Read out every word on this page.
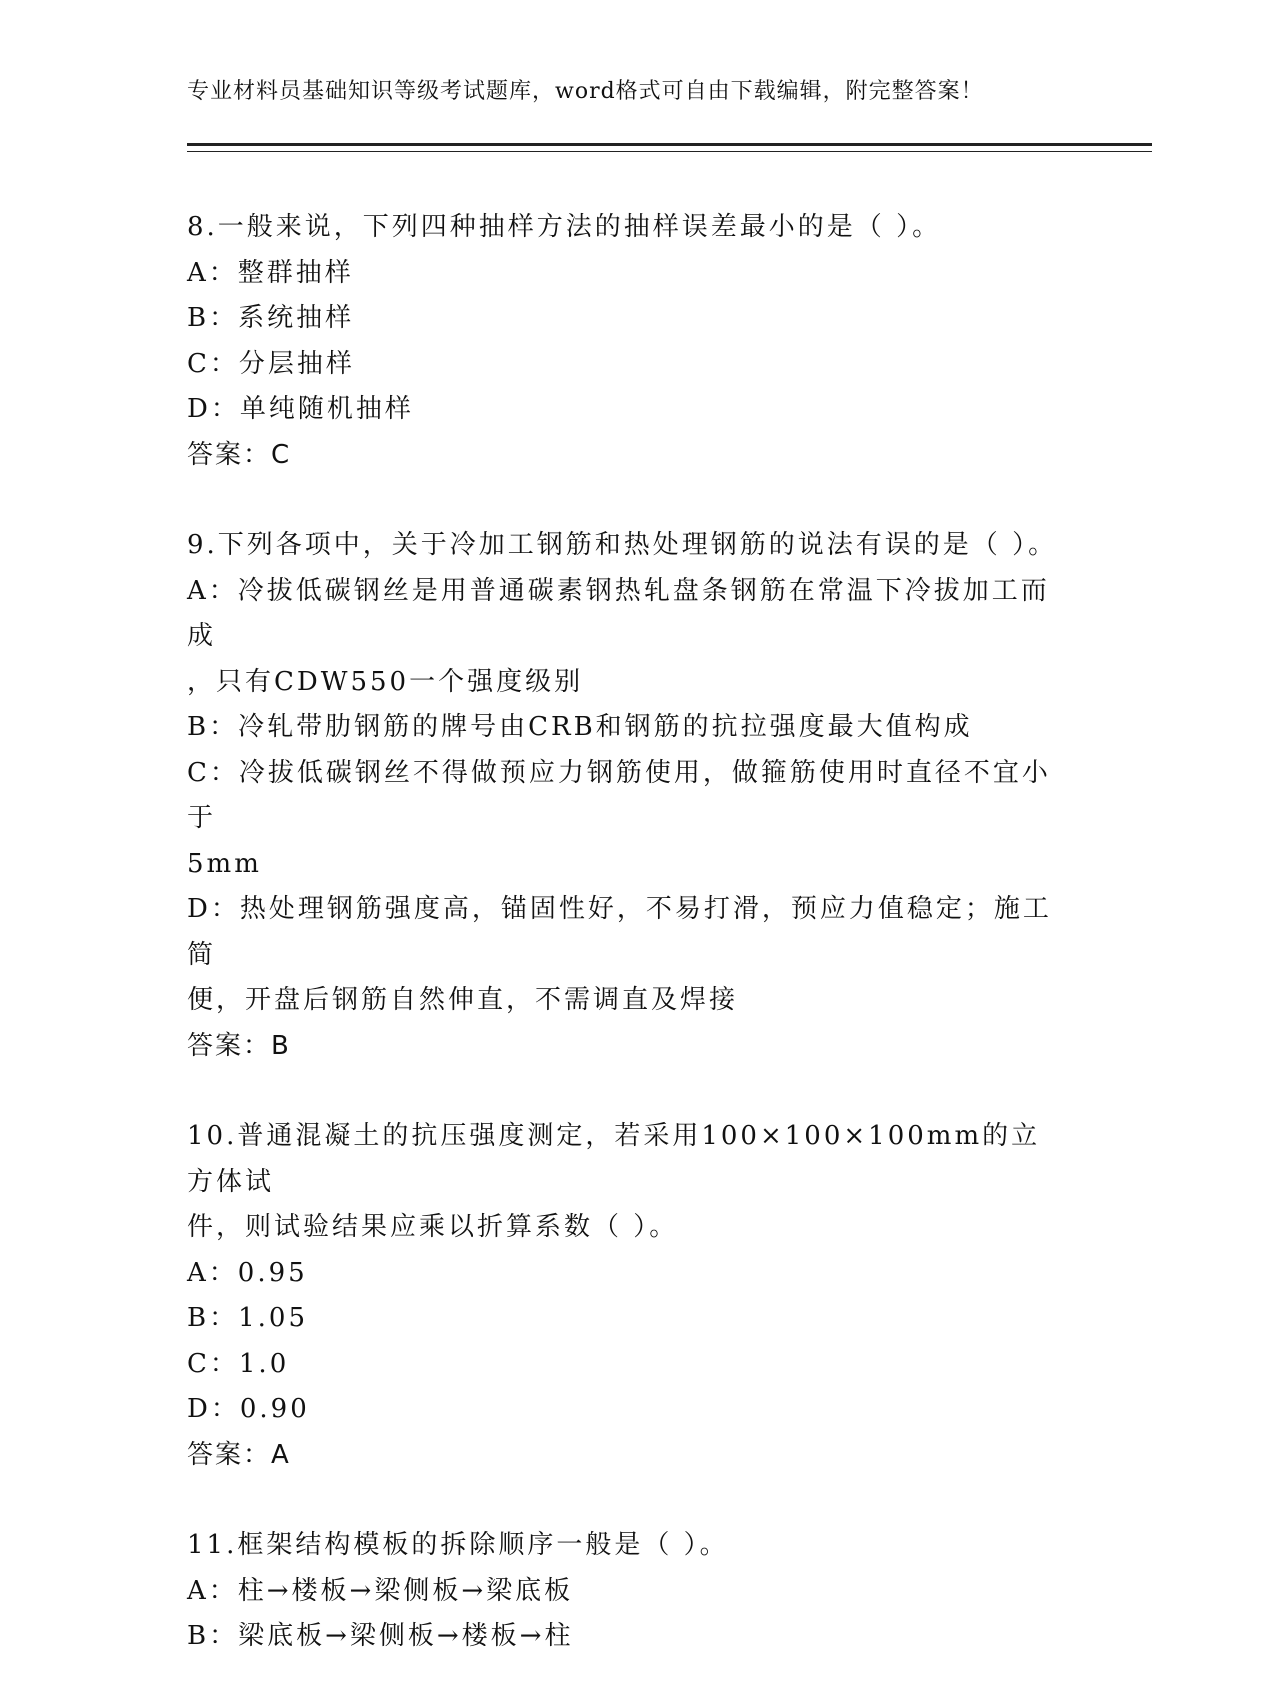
专业材料员基础知识等级考试题库，word格式可自由下载编辑，附完整答案！
8.一般来说，下列四种抽样方法的抽样误差最小的是（ ）。
A：整群抽样
B：系统抽样
C：分层抽样
D：单纯随机抽样
答案：C
9.下列各项中，关于冷加工钢筋和热处理钢筋的说法有误的是（ ）。
A：冷拔低碳钢丝是用普通碳素钢热轧盘条钢筋在常温下冷拔加工而成
，只有CDW550一个强度级别
B：冷轧带肋钢筋的牌号由CRB和钢筋的抗拉强度最大值构成
C：冷拔低碳钢丝不得做预应力钢筋使用，做箍筋使用时直径不宜小于
5mm
D：热处理钢筋强度高，锚固性好，不易打滑，预应力值稳定；施工简
便，开盘后钢筋自然伸直，不需调直及焊接
答案：B
10.普通混凝土的抗压强度测定，若采用100×100×100mm的立方体试
件，则试验结果应乘以折算系数（ ）。
A：0.95
B：1.05
C：1.0
D：0.90
答案：A
11.框架结构模板的拆除顺序一般是（ ）。
A：柱→楼板→梁侧板→梁底板
B：梁底板→梁侧板→楼板→柱
